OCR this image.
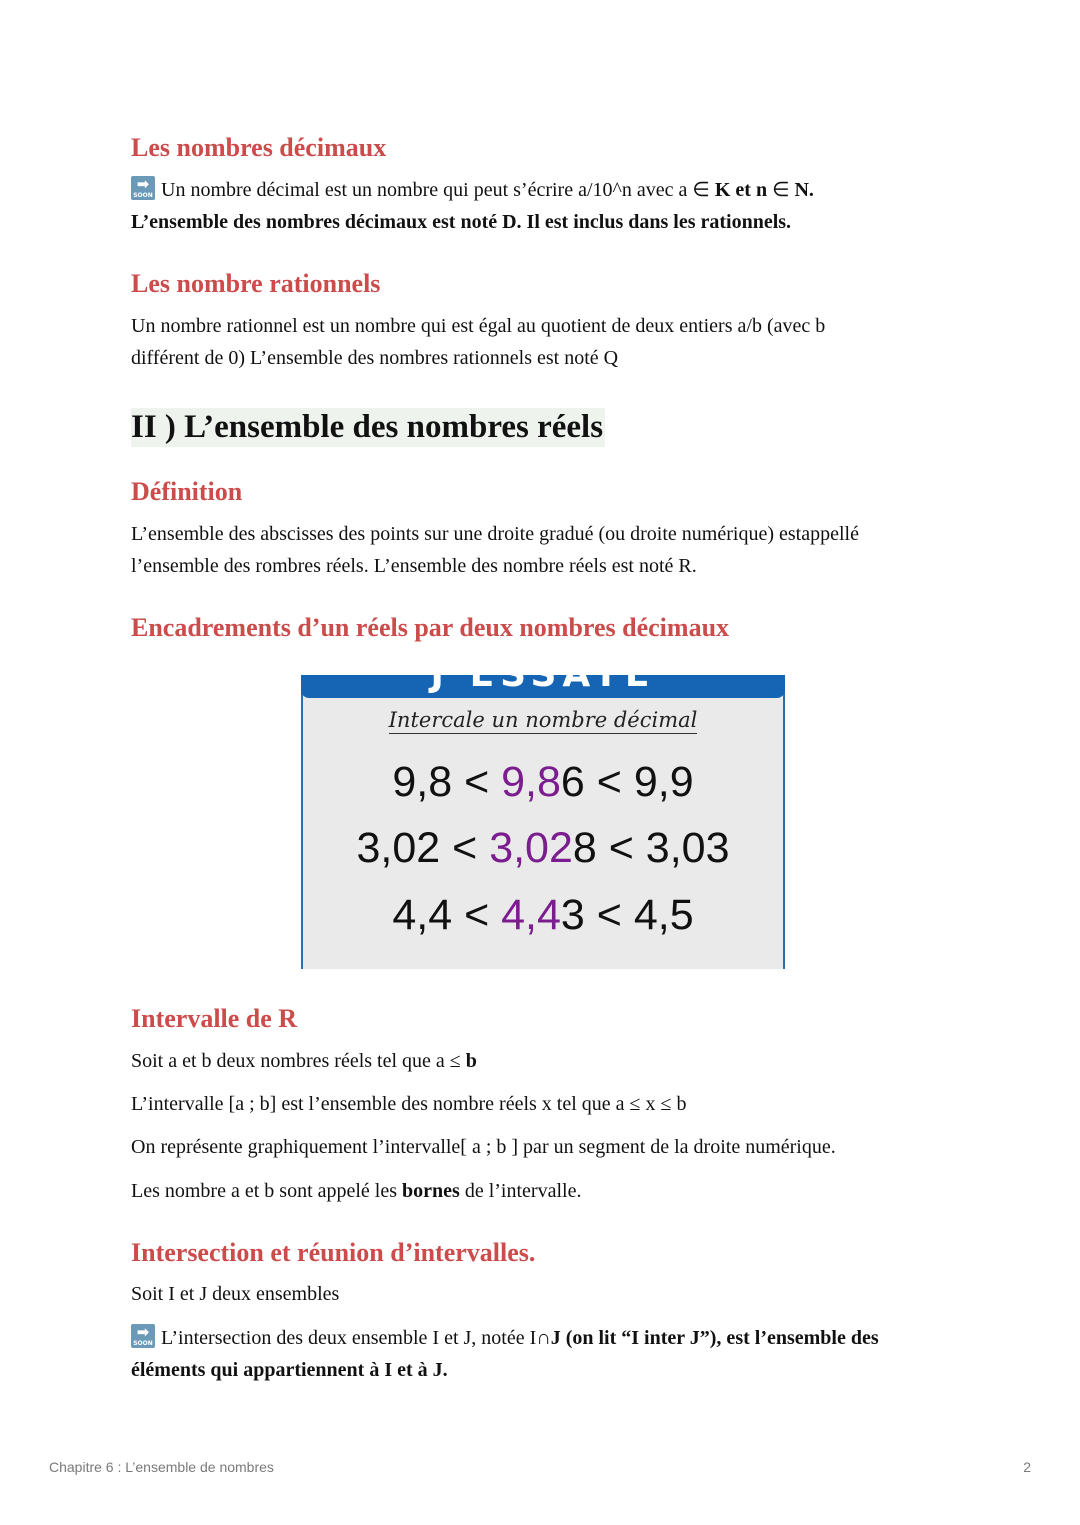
Les nombres décimaux
➡
SOON Un nombre décimal est un nombre qui peut s’écrire a/10^n avec a ∈ K et n ∈ N.
L’ensemble des nombres décimaux est noté D. Il est inclus dans les rationnels.
Les nombre rationnels
Un nombre rationnel est un nombre qui est égal au quotient de deux entiers a/b (avec b
différent de 0) L’ensemble des nombres rationnels est noté Q
II ) L’ensemble des nombres réels
Définition
L’ensemble des abscisses des points sur une droite gradué (ou droite numérique) estappellé
l’ensemble des rombres réels. L’ensemble des nombre réels est noté R.
Encadrements d’un réels par deux nombres décimaux
Intervalle de R
Soit a et b deux nombres réels tel que a ≤ b
L’intervalle [a ; b] est l’ensemble des nombre réels x tel que a ≤ x ≤ b
On représente graphiquement l’intervalle[ a ; b ] par un segment de la droite numérique.
Les nombre a et b sont appelé les bornes de l’intervalle.
Intersection et réunion d’intervalles.
Soit I et J deux ensembles
➡
SOON L’intersection des deux ensemble I et J, notée I∩J (on lit “I inter J”), est l’ensemble des
éléments qui appartiennent à I et à J.
J’ESSAYE
Intercale un nombre décimal
9,8 < 9,86 < 9,9
3,02 < 3,028 < 3,03
4,4 < 4,43 < 4,5
Chapitre 6 : L’ensemble de nombres	2
